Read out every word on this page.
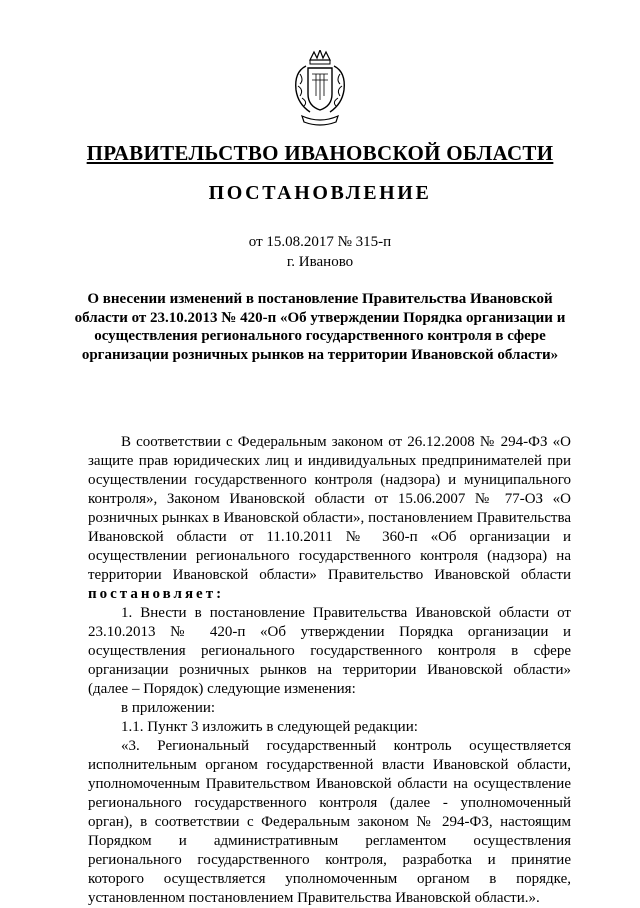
ПРАВИТЕЛЬСТВО ИВАНОВСКОЙ ОБЛАСТИ
ПОСТАНОВЛЕНИЕ
от 15.08.2017 № 315-п
г. Иваново
О внесении изменений в постановление Правительства Ивановской области от 23.10.2013 № 420-п «Об утверждении Порядка организации и осуществления регионального государственного контроля в сфере организации розничных рынков на территории Ивановской области»

В соответствии с Федеральным законом от 26.12.2008 № 294-ФЗ «О защите прав юридических лиц и индивидуальных предпринимателей при осуществлении государственного контроля (надзора) и муниципального контроля», Законом Ивановской области от 15.06.2007 № 77-ОЗ «О розничных рынках в Ивановской области», постановлением Правительства Ивановской области от 11.10.2011 № 360-п «Об организации и осуществлении регионального государственного контроля (надзора) на территории Ивановской области» Правительство Ивановской области постановляет:

1. Внести в постановление Правительства Ивановской области от 23.10.2013 № 420-п «Об утверждении Порядка организации и осуществления регионального государственного контроля в сфере организации розничных рынков на территории Ивановской области» (далее – Порядок) следующие изменения:

в приложении:

1.1. Пункт 3 изложить в следующей редакции:

«3. Региональный государственный контроль осуществляется исполнительным органом государственной власти Ивановской области, уполномоченным Правительством Ивановской области на осуществление регионального государственного контроля (далее - уполномоченный орган), в соответствии с Федеральным законом № 294-ФЗ, настоящим Порядком и административным регламентом осуществления регионального государственного контроля, разработка и принятие которого осуществляется уполномоченным органом в порядке, установленном постановлением Правительства Ивановской области.».
